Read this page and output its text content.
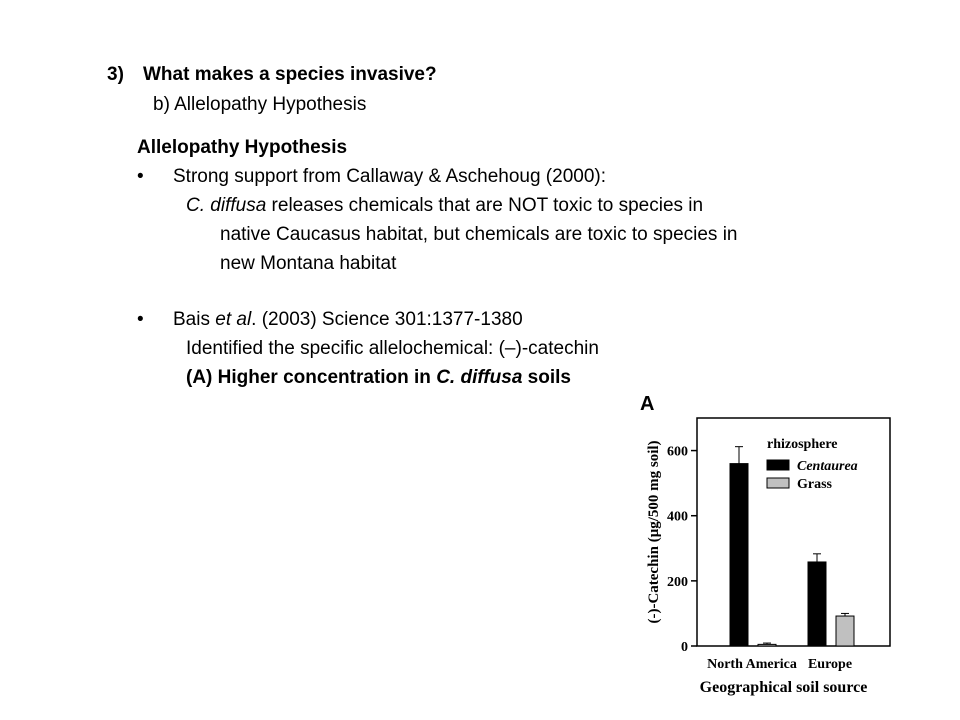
3) What makes a species invasive?
b) Allelopathy Hypothesis
Allelopathy Hypothesis
• Strong support from Callaway & Aschehoug (2000):
C. diffusa releases chemicals that are NOT toxic to species in
native Caucasus habitat, but chemicals are toxic to species in
new Montana habitat
• Bais et al. (2003) Science 301:1377-1380
Identified the specific allelochemical: (–)-catechin
(A) Higher concentration in C. diffusa soils
A
0
200
400
600
North America Europe
Geographical soil source
(-)-Catechin (μg/500 mg soil)	rhizosphere
Centaurea
Grass
